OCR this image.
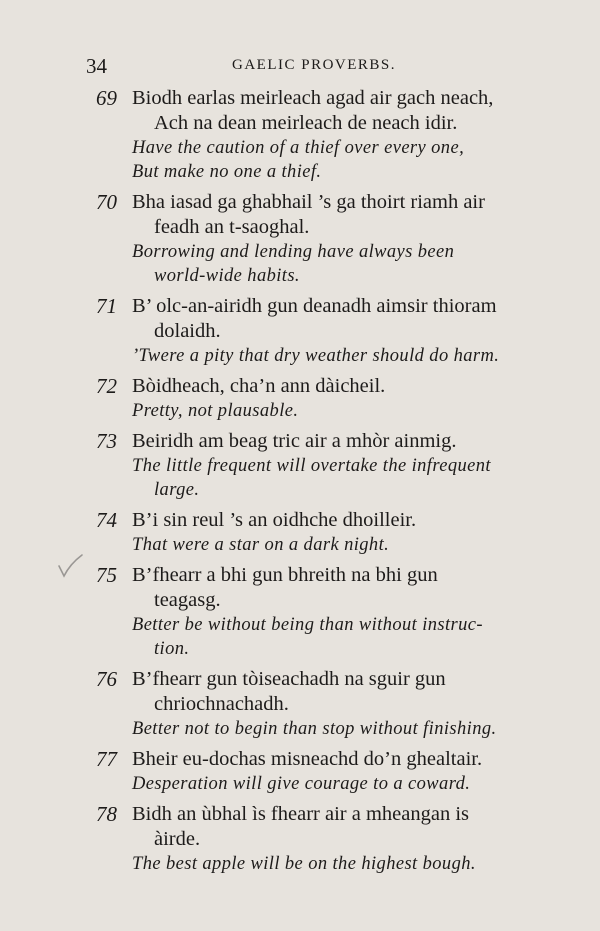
34	GAELIC PROVERBS.
69 Biodh earlas meirleach agad air gach neach,

Ach na dean meirleach de neach idir.
Have the caution of a thief over every one,
But make no one a thief.
70 Bha iasad ga ghabhail ’s ga thoirt riamh air
feadh an t-saoghal.
Borrowing and lending have always been
world-wide habits.
71 B’ olc-an-airidh gun deanadh aimsir thioram
dolaidh.
’Twere a pity that dry weather should do harm.
72 Bòidheach, cha’n ann dàicheil.
Pretty, not plausable.
73 Beiridh am beag tric air a mhòr ainmig.
The little frequent will overtake the infrequent
large.
74 B’i sin reul ’s an oidhche dhoilleir.
That were a star on a dark night.
75 B’fhearr a bhi gun bhreith na bhi gun
teagasg.
Better be without being than without instruc-
tion.
76 B’fhearr gun tòiseachadh na sguir gun
chriochnachadh.
Better not to begin than stop without finishing.
77 Bheir eu-dochas misneachd do’n ghealtair.
Desperation will give courage to a coward.
78 Bidh an ùbhal ìs fhearr air a mheangan is
àirde.
The best apple will be on the highest bough.
